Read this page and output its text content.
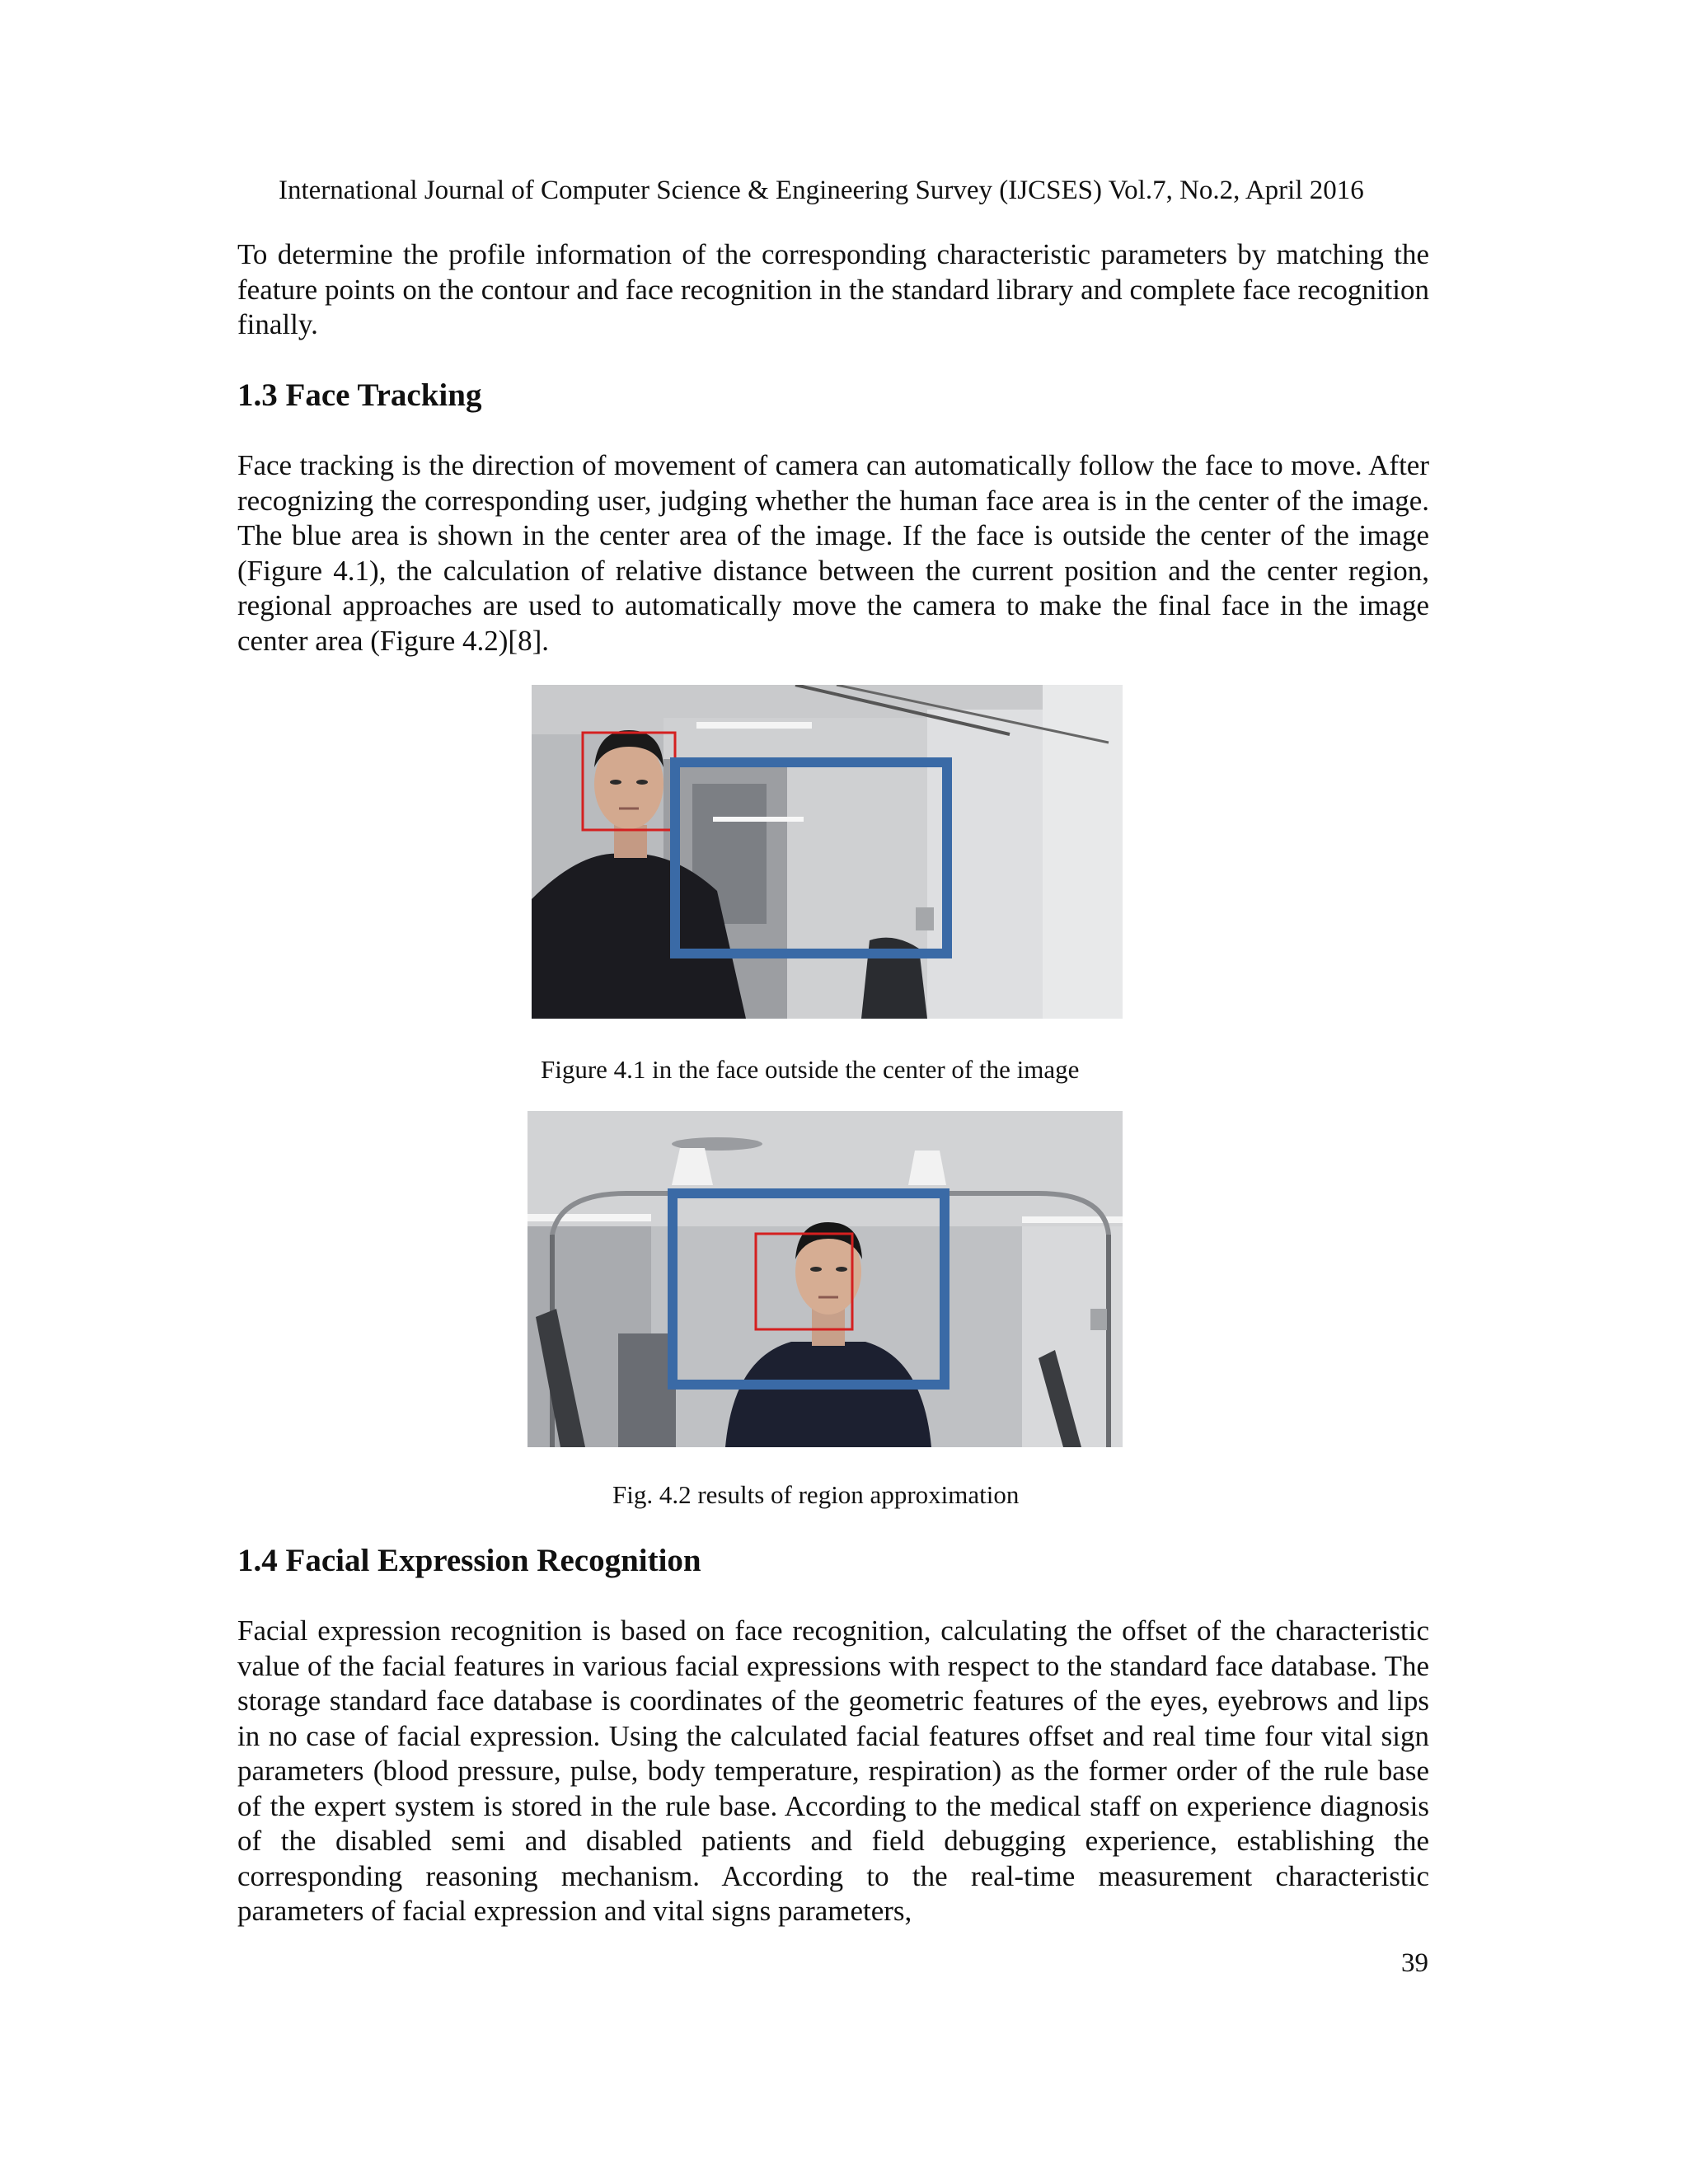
International Journal of Computer Science & Engineering Survey (IJCSES) Vol.7, No.2, April 2016

To determine the profile information of the corresponding characteristic parameters by matching the feature points on the contour and face recognition in the standard library and complete face recognition finally.

1.3 Face Tracking

Face tracking is the direction of movement of camera can automatically follow the face to move. After recognizing the corresponding user, judging whether the human face area is in the center of the image. The blue area is shown in the center area of the image. If the face is outside the center of the image (Figure 4.1), the calculation of relative distance between the current position and the center region, regional approaches are used to automatically move the camera to make the final face in the image center area (Figure 4.2)[8].

Figure 4.1 in the face outside the center of the image
Fig. 4.2 results of region approximation
1.4 Facial Expression Recognition

Facial expression recognition is based on face recognition, calculating the offset of the characteristic value of the facial features in various facial expressions with respect to the standard face database. The storage standard face database is coordinates of the geometric features of the eyes, eyebrows and lips in no case of facial expression. Using the calculated facial features offset and real time four vital sign parameters (blood pressure, pulse, body temperature, respiration) as the former order of the rule base of the expert system is stored in the rule base. According to the medical staff on experience diagnosis of the disabled semi and disabled patients and field debugging experience, establishing the corresponding reasoning mechanism. According to the real-time measurement characteristic parameters of facial expression and vital signs parameters,

39
